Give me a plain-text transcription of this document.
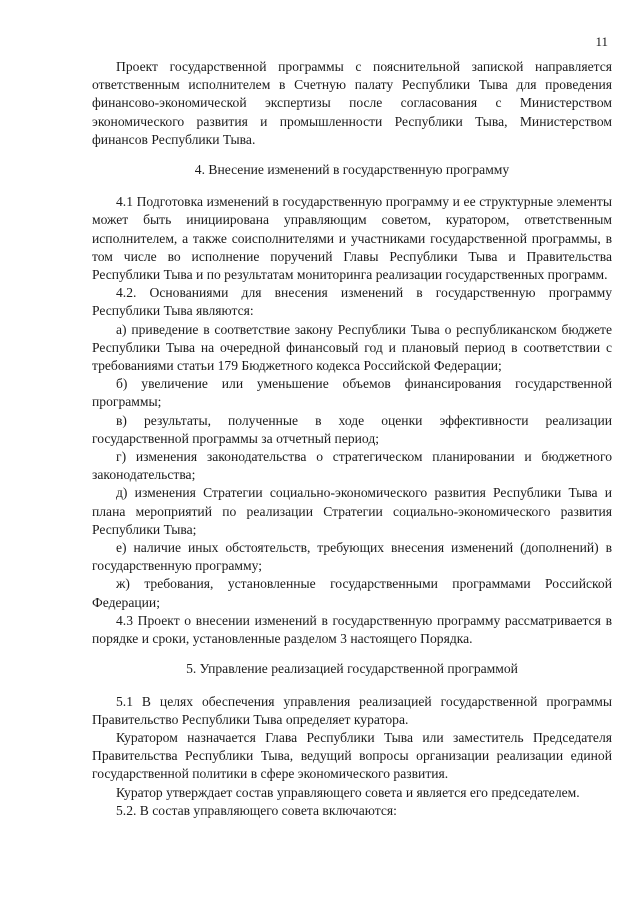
11

Проект государственной программы с пояснительной запиской направляется ответственным исполнителем в Счетную палату Республики Тыва для проведения финансово-экономической экспертизы после согласования с Министерством экономического развития и промышленности Республики Тыва, Министерством финансов Республики Тыва.

4. Внесение изменений в государственную программу

4.1 Подготовка изменений в государственную программу и ее структурные элементы может быть инициирована управляющим советом, куратором, ответственным исполнителем, а также соисполнителями и участниками государственной программы, в том числе во исполнение поручений Главы Республики Тыва и Правительства Республики Тыва и по результатам мониторинга реализации государственных программ.

4.2. Основаниями для внесения изменений в государственную программу Республики Тыва являются:

а) приведение в соответствие закону Республики Тыва о республиканском бюджете Республики Тыва на очередной финансовый год и плановый период в соответствии с требованиями статьи 179 Бюджетного кодекса Российской Федерации;

б) увеличение или уменьшение объемов финансирования государственной программы;

в) результаты, полученные в ходе оценки эффективности реализации государственной программы за отчетный период;

г) изменения законодательства о стратегическом планировании и бюджетного законодательства;

д) изменения Стратегии социально-экономического развития Республики Тыва и плана мероприятий по реализации Стратегии социально-экономического развития Республики Тыва;

е) наличие иных обстоятельств, требующих внесения изменений (дополнений) в государственную программу;

ж) требования, установленные государственными программами Российской Федерации;

4.3 Проект о внесении изменений в государственную программу рассматривается в порядке и сроки, установленные разделом 3 настоящего Порядка.

5. Управление реализацией государственной программой

5.1 В целях обеспечения управления реализацией государственной программы Правительство Республики Тыва определяет куратора.

Куратором назначается Глава Республики Тыва или заместитель Председателя Правительства Республики Тыва, ведущий вопросы организации реализации единой государственной политики в сфере экономического развития.

Куратор утверждает состав управляющего совета и является его председателем.

5.2. В состав управляющего совета включаются:
